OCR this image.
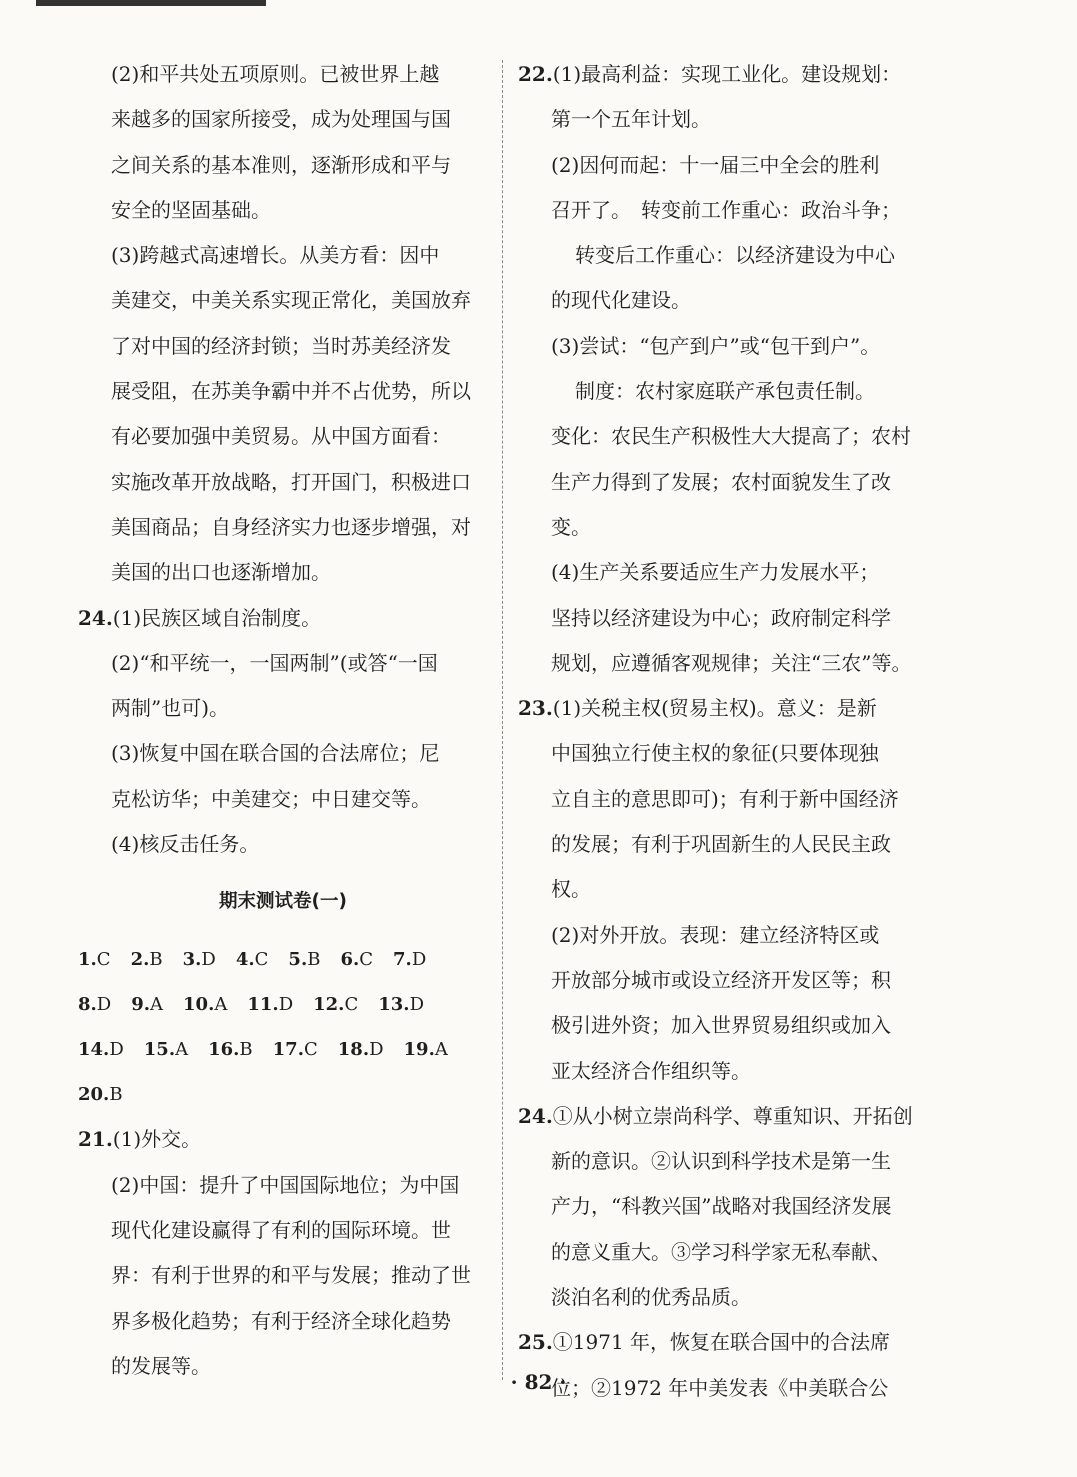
(2)和平共处五项原则。已被世界上越
来越多的国家所接受，成为处理国与国
之间关系的基本准则，逐渐形成和平与
安全的坚固基础。
(3)跨越式高速增长。从美方看：因中
美建交，中美关系实现正常化，美国放弃
了对中国的经济封锁；当时苏美经济发
展受阻，在苏美争霸中并不占优势，所以
有必要加强中美贸易。从中国方面看：
实施改革开放战略，打开国门，积极进口
美国商品；自身经济实力也逐步增强，对
美国的出口也逐渐增加。
24.(1)民族区域自治制度。
(2)“和平统一，一国两制”(或答“一国
两制”也可)。
(3)恢复中国在联合国的合法席位；尼
克松访华；中美建交；中日建交等。
(4)核反击任务。
期末测试卷(一)
1.C 2.B 3.D 4.C 5.B 6.C 7.D
8.D 9.A 10.A 11.D 12.C 13.D
14.D 15.A 16.B 17.C 18.D 19.A
20.B
21.(1)外交。
(2)中国：提升了中国国际地位；为中国
现代化建设赢得了有利的国际环境。世
界：有利于世界的和平与发展；推动了世
界多极化趋势；有利于经济全球化趋势
的发展等。
22.(1)最高利益：实现工业化。建设规划：
第一个五年计划。
(2)因何而起：十一届三中全会的胜利
召开了。　转变前工作重心：政治斗争；
转变后工作重心：以经济建设为中心
的现代化建设。
(3)尝试：“包产到户”或“包干到户”。
制度：农村家庭联产承包责任制。
变化：农民生产积极性大大提高了；农村
生产力得到了发展；农村面貌发生了改
变。
(4)生产关系要适应生产力发展水平；
坚持以经济建设为中心；政府制定科学
规划，应遵循客观规律；关注“三农”等。
23.(1)关税主权(贸易主权)。意义：是新
中国独立行使主权的象征(只要体现独
立自主的意思即可)；有利于新中国经济
的发展；有利于巩固新生的人民民主政
权。
(2)对外开放。表现：建立经济特区或
开放部分城市或设立经济开发区等；积
极引进外资；加入世界贸易组织或加入
亚太经济合作组织等。
24.①从小树立崇尚科学、尊重知识、开拓创
新的意识。②认识到科学技术是第一生
产力，“科教兴国”战略对我国经济发展
的意义重大。③学习科学家无私奉献、
淡泊名利的优秀品质。
25.①1971 年，恢复在联合国中的合法席
位；②1972 年中美发表《中美联合公
· 82 ·
